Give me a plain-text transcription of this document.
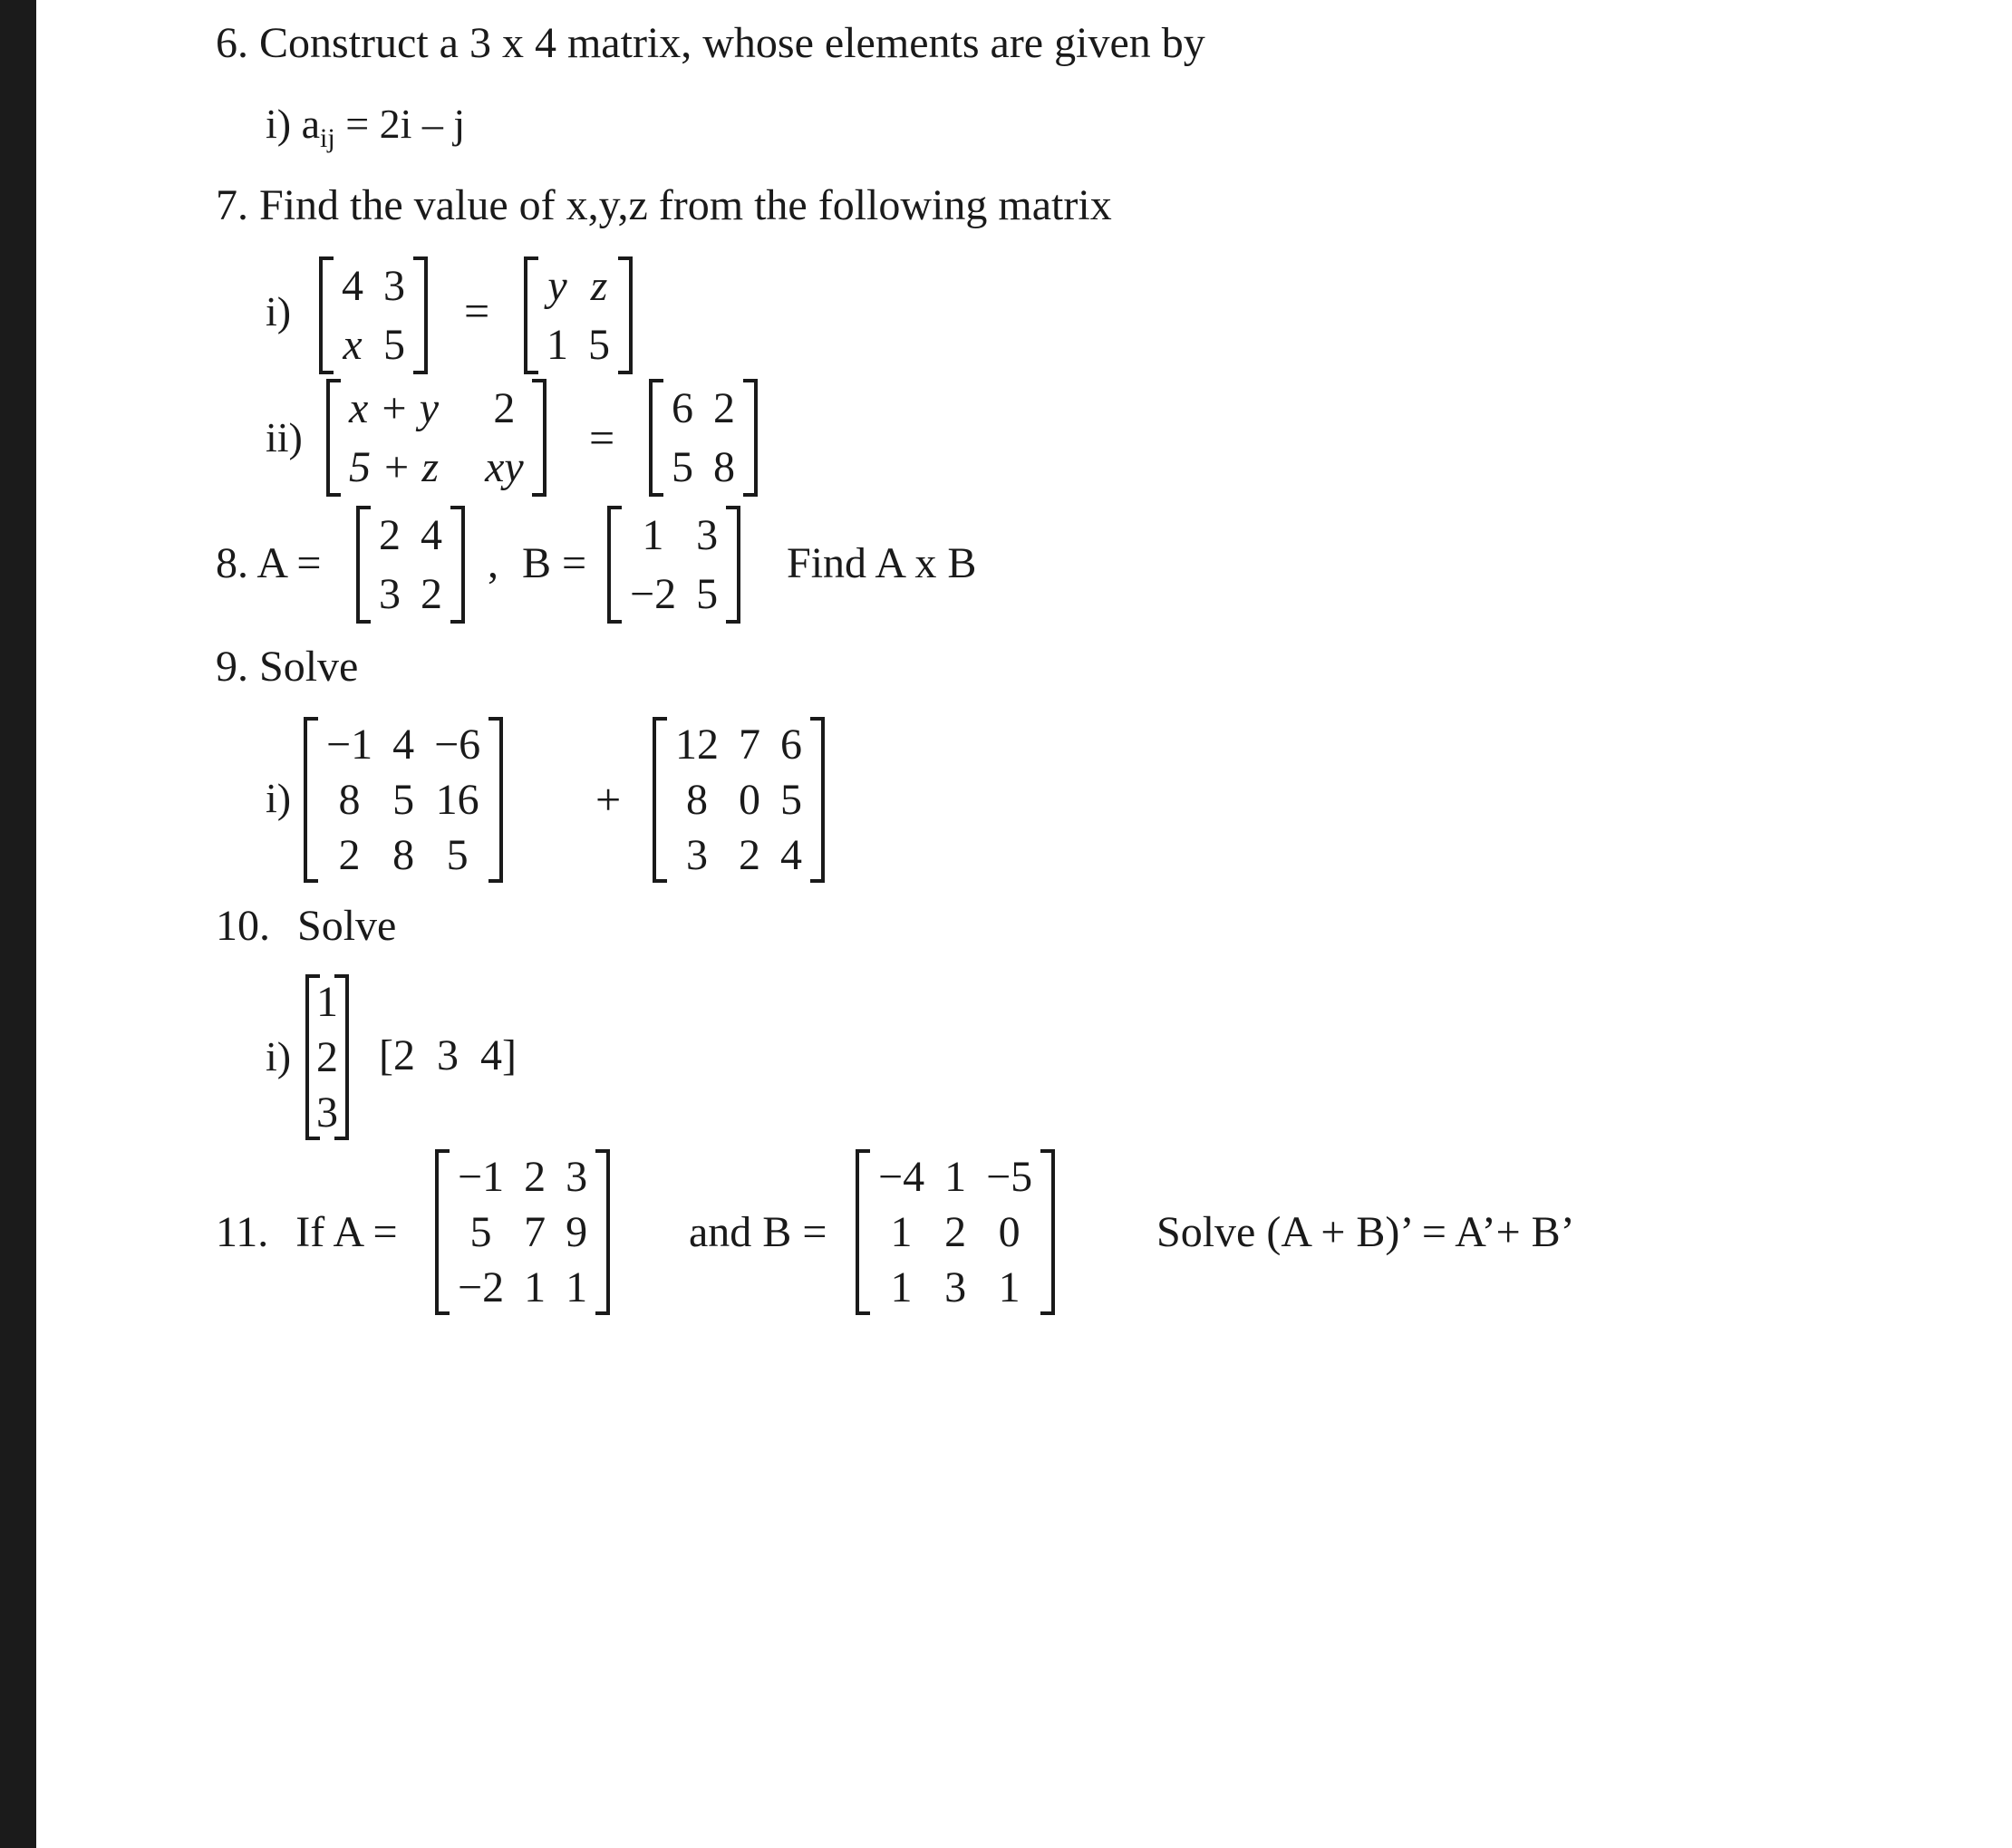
6. Construct a 3 x 4 matrix, whose elements are given by
i) $a_{ij} = 2i - j$
7. Find the value of x,y,z from the following matrix
i)
4	3
x	5
= y	z
1	5
ii)
x + y	2
5 + z	xy
=
6	2
5	8
8. A =
2	4
3	2
, B =
1	3
−2	5
Find A x B
9. Solve
i)
−1	4	−6
8	5	16
2	8	5
+
12	7	6
8	0	5
3	2	4
10. Solve
i)
1
2
3
[2  3  4]
11. If A =
−1	2	3
5	7	9
−2	1	1
and B =
−4	1	−5
1	2	0
1	3	1
Solve (A + B)’ = A’+ B’
